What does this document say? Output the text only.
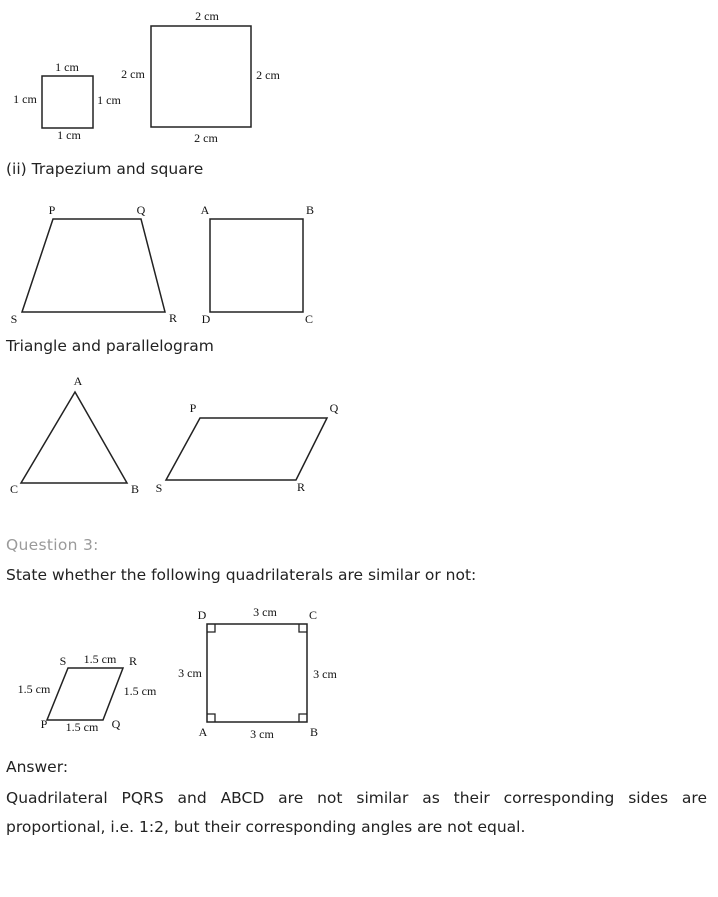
1 cm
1 cm	1 cm
1 cm
2 cm
2 cm	2 cm
2 cm

(ii) Trapezium and square

P	Q
R
S
A	B
C
D

Triangle and parallelogram

A
B
C
P	Q
R
S

Question 3:

State whether the following quadrilaterals are similar or not:

S	R
P	Q
1.5 cm
1.5 cm	1.5 cm
1.5 cm
D	C
A	B
3 cm
3 cm	3 cm
3 cm

Answer:

Quadrilateral PQRS and ABCD are not similar as their corresponding sides are proportional, i.e. 1:2, but their corresponding angles are not equal.
